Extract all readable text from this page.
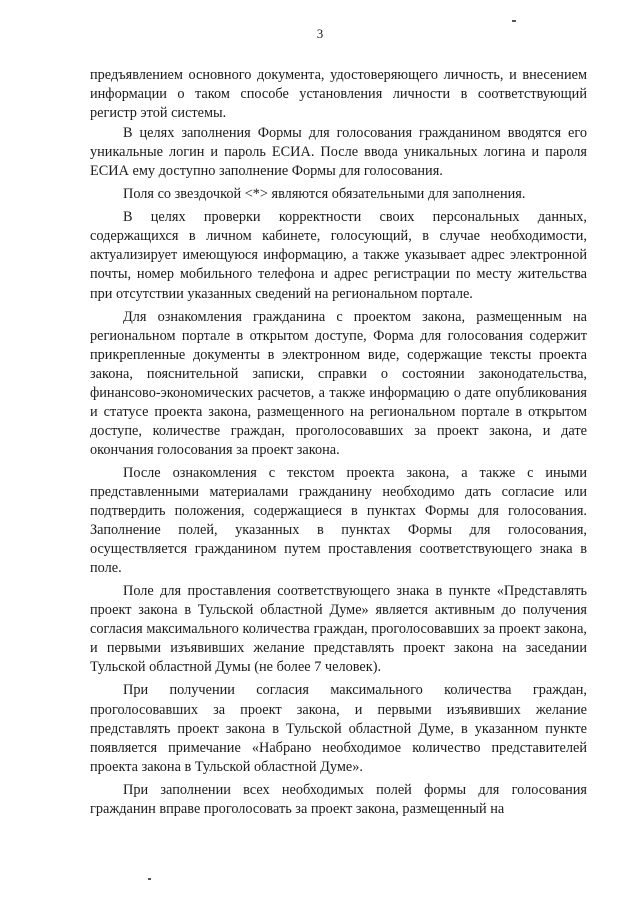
3

предъявлением основного документа, удостоверяющего личность, и внесением информации о таком способе установления личности в соответствующий регистр этой системы.

В целях заполнения Формы для голосования гражданином вводятся его уникальные логин и пароль ЕСИА. После ввода уникальных логина и пароля ЕСИА ему доступно заполнение Формы для голосования.

Поля со звездочкой <*> являются обязательными для заполнения.

В целях проверки корректности своих персональных данных, содержащихся в личном кабинете, голосующий, в случае необходимости, актуализирует имеющуюся информацию, а также указывает адрес электронной почты, номер мобильного телефона и адрес регистрации по месту жительства при отсутствии указанных сведений на региональном портале.

Для ознакомления гражданина с проектом закона, размещенным на региональном портале в открытом доступе, Форма для голосования содержит прикрепленные документы в электронном виде, содержащие тексты проекта закона, пояснительной записки, справки о состоянии законодательства, финансово-экономических расчетов, а также информацию о дате опубликования и статусе проекта закона, размещенного на региональном портале в открытом доступе, количестве граждан, проголосовавших за проект закона, и дате окончания голосования за проект закона.

После ознакомления с текстом проекта закона, а также с иными представленными материалами гражданину необходимо дать согласие или подтвердить положения, содержащиеся в пунктах Формы для голосования. Заполнение полей, указанных в пунктах Формы для голосования, осуществляется гражданином путем проставления соответствующего знака в поле.

Поле для проставления соответствующего знака в пункте «Представлять проект закона в Тульской областной Думе» является активным до получения согласия максимального количества граждан, проголосовавших за проект закона, и первыми изъявивших желание представлять проект закона на заседании Тульской областной Думы (не более 7 человек).

При получении согласия максимального количества граждан, проголосовавших за проект закона, и первыми изъявивших желание представлять проект закона в Тульской областной Думе, в указанном пункте появляется примечание «Набрано необходимое количество представителей проекта закона в Тульской областной Думе».

При заполнении всех необходимых полей формы для голосования гражданин вправе проголосовать за проект закона, размещенный на
